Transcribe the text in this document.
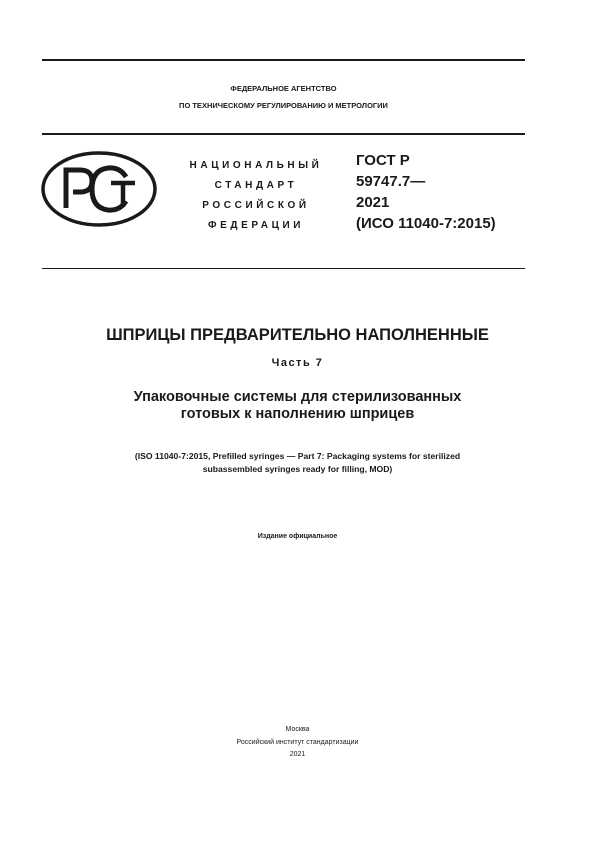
ФЕДЕРАЛЬНОЕ АГЕНТСТВО
ПО ТЕХНИЧЕСКОМУ РЕГУЛИРОВАНИЮ И МЕТРОЛОГИИ
НАЦИОНАЛЬНЫЙ
СТАНДАРТ
РОССИЙСКОЙ
ФЕДЕРАЦИИ
ГОСТ Р
59747.7—
2021
(ИСО 11040-7:2015)
ШПРИЦЫ ПРЕДВАРИТЕЛЬНО НАПОЛНЕННЫЕ
Часть 7
Упаковочные системы для стерилизованных
готовых к наполнению шприцев
(ISO 11040-7:2015, Prefilled syringes — Part 7: Packaging systems for sterilized
subassembled syringes ready for filling, MOD)
Издание официальное
Москва
Российский институт стандартизации
2021
